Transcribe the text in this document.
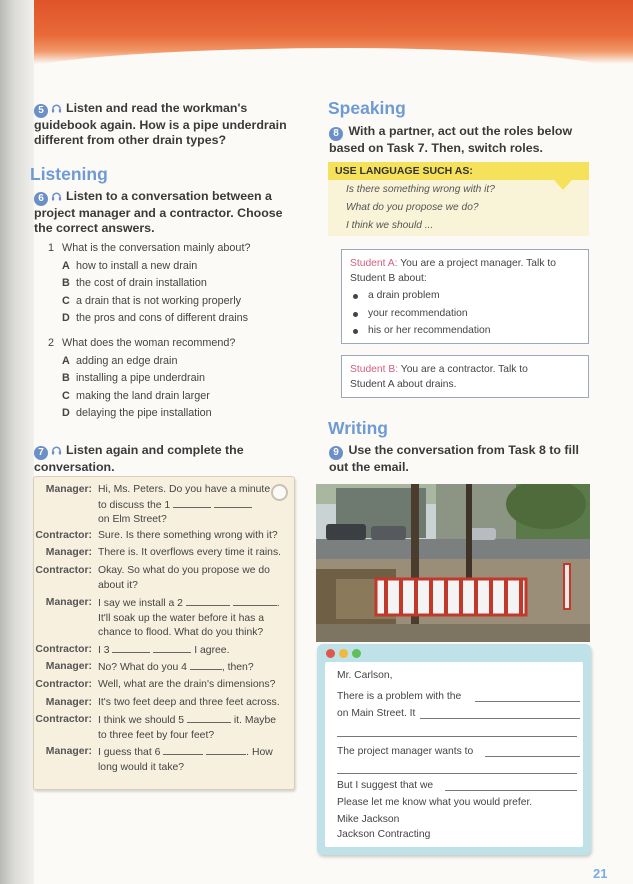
5 Listen and read the workman's guidebook again. How is a pipe underdrain different from other drain types?
Listening
6 Listen to a conversation between a project manager and a contractor. Choose the correct answers.
1 What is the conversation mainly about?
A how to install a new drain
B the cost of drain installation
C a drain that is not working properly
D the pros and cons of different drains
2 What does the woman recommend?
A adding an edge drain
B installing a pipe underdrain
C making the land drain larger
D delaying the pipe installation
7 Listen again and complete the conversation.
Manager: Hi, Ms. Peters. Do you have a minute
to discuss the 1
on Elm Street?
Contractor: Sure. Is there something wrong with it?
Manager: There is. It overflows every time it rains.
Contractor: Okay. So what do you propose we do
about it?
Manager: I say we install a 2	.
It'll soak up the water before it has a
chance to flood. What do you think?
Contractor: I 3	I agree.
Manager: No? What do you 4	, then?
Contractor: Well, what are the drain's dimensions?
Manager: It's two feet deep and three feet across.
Contractor: I think we should 5	it. Maybe
to three feet by four feet?
Manager: I guess that 6	. How
long would it take?
Speaking
8 With a partner, act out the roles below based on Task 7. Then, switch roles.
USE LANGUAGE SUCH AS:
Is there something wrong with it?
What do you propose we do?
I think we should ...
Student A: You are a project manager. Talk to
Student B about:
a drain problem
your recommendation
his or her recommendation
Student B: You are a contractor. Talk to
Student A about drains.
Writing
9 Use the conversation from Task 8 to fill out the email.
Mr. Carlson,
There is a problem with the
on Main Street. It
The project manager wants to
But I suggest that we
Please let me know what you would prefer.
Mike Jackson
Jackson Contracting
21
